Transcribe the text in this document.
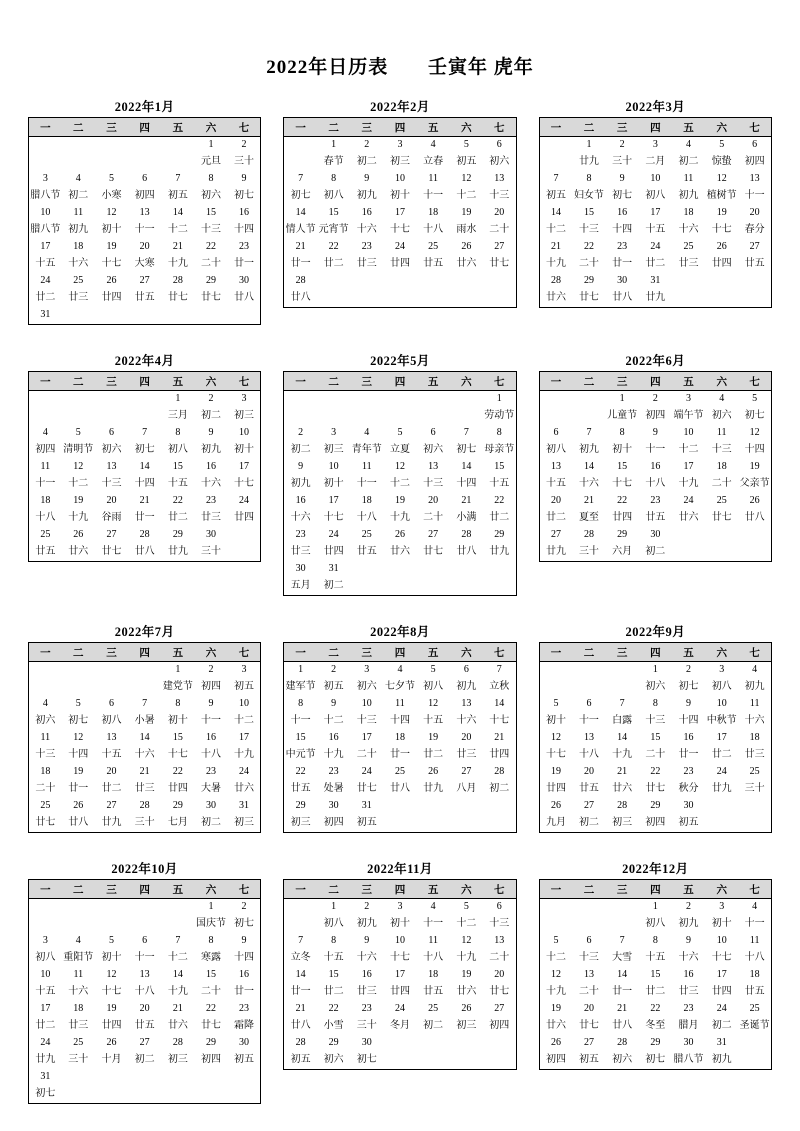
2022年日历表 壬寅年 虎年
2022年1月
一	二	三	四	五	六	七
					1	2
					元旦	三十
3	4	5	6	7	8	9
腊八节	初二	小寒	初四	初五	初六	初七
10	11	12	13	14	15	16
腊八节	初九	初十	十一	十二	十三	十四
17	18	19	20	21	22	23
十五	十六	十七	大寒	十九	二十	廿一
24	25	26	27	28	29	30
廿二	廿三	廿四	廿五	廿七	廿七	廿八
31						
2022年2月
一	二	三	四	五	六	七
	1	2	3	4	5	6
	春节	初二	初三	立春	初五	初六
7	8	9	10	11	12	13
初七	初八	初九	初十	十一	十二	十三
14	15	16	17	18	19	20
情人节	元宵节	十六	十七	十八	雨水	二十
21	22	23	24	25	26	27
廿一	廿二	廿三	廿四	廿五	廿六	廿七
28						
廿八						
2022年3月
一	二	三	四	五	六	七
	1	2	3	4	5	6
	廿九	三十	二月	初二	惊蛰	初四
7	8	9	10	11	12	13
初五	妇女节	初七	初八	初九	植树节	十一
14	15	16	17	18	19	20
十二	十三	十四	十五	十六	十七	春分
21	22	23	24	25	26	27
十九	二十	廿一	廿二	廿三	廿四	廿五
28	29	30	31			
廿六	廿七	廿八	廿九			
2022年4月
一	二	三	四	五	六	七
				1	2	3
				三月	初二	初三
4	5	6	7	8	9	10
初四	清明节	初六	初七	初八	初九	初十
11	12	13	14	15	16	17
十一	十二	十三	十四	十五	十六	十七
18	19	20	21	22	23	24
十八	十九	谷雨	廿一	廿二	廿三	廿四
25	26	27	28	29	30	
廿五	廿六	廿七	廿八	廿九	三十	
2022年5月
一	二	三	四	五	六	七
						1
						劳动节
2	3	4	5	6	7	8
初二	初三	青年节	立夏	初六	初七	母亲节
9	10	11	12	13	14	15
初九	初十	十一	十二	十三	十四	十五
16	17	18	19	20	21	22
十六	十七	十八	十九	二十	小满	廿二
23	24	25	26	27	28	29
廿三	廿四	廿五	廿六	廿七	廿八	廿九
30	31					
五月	初二					
2022年6月
一	二	三	四	五	六	七
		1	2	3	4	5
		儿童节	初四	端午节	初六	初七
6	7	8	9	10	11	12
初八	初九	初十	十一	十二	十三	十四
13	14	15	16	17	18	19
十五	十六	十七	十八	十九	二十	父亲节
20	21	22	23	24	25	26
廿二	夏至	廿四	廿五	廿六	廿七	廿八
27	28	29	30			
廿九	三十	六月	初二			
2022年7月
一	二	三	四	五	六	七
				1	2	3
				建党节	初四	初五
4	5	6	7	8	9	10
初六	初七	初八	小暑	初十	十一	十二
11	12	13	14	15	16	17
十三	十四	十五	十六	十七	十八	十九
18	19	20	21	22	23	24
二十	廿一	廿二	廿三	廿四	大暑	廿六
25	26	27	28	29	30	31
廿七	廿八	廿九	三十	七月	初二	初三
2022年8月
一	二	三	四	五	六	七
1	2	3	4	5	6	7
建军节	初五	初六	七夕节	初八	初九	立秋
8	9	10	11	12	13	14
十一	十二	十三	十四	十五	十六	十七
15	16	17	18	19	20	21
中元节	十九	二十	廿一	廿二	廿三	廿四
22	23	24	25	26	27	28
廿五	处暑	廿七	廿八	廿九	八月	初二
29	30	31				
初三	初四	初五				
2022年9月
一	二	三	四	五	六	七
			1	2	3	4
			初六	初七	初八	初九
5	6	7	8	9	10	11
初十	十一	白露	十三	十四	中秋节	十六
12	13	14	15	16	17	18
十七	十八	十九	二十	廿一	廿二	廿三
19	20	21	22	23	24	25
廿四	廿五	廿六	廿七	秋分	廿九	三十
26	27	28	29	30		
九月	初二	初三	初四	初五		
2022年10月
一	二	三	四	五	六	七
					1	2
					国庆节	初七
3	4	5	6	7	8	9
初八	重阳节	初十	十一	十二	寒露	十四
10	11	12	13	14	15	16
十五	十六	十七	十八	十九	二十	廿一
17	18	19	20	21	22	23
廿二	廿三	廿四	廿五	廿六	廿七	霜降
24	25	26	27	28	29	30
廿九	三十	十月	初二	初三	初四	初五
31						
初七						
2022年11月
一	二	三	四	五	六	七
	1	2	3	4	5	6
	初八	初九	初十	十一	十二	十三
7	8	9	10	11	12	13
立冬	十五	十六	十七	十八	十九	二十
14	15	16	17	18	19	20
廿一	廿二	廿三	廿四	廿五	廿六	廿七
21	22	23	24	25	26	27
廿八	小雪	三十	冬月	初二	初三	初四
28	29	30				
初五	初六	初七				
2022年12月
一	二	三	四	五	六	七
			1	2	3	4
			初八	初九	初十	十一
5	6	7	8	9	10	11
十二	十三	大雪	十五	十六	十七	十八
12	13	14	15	16	17	18
十九	二十	廿一	廿二	廿三	廿四	廿五
19	20	21	22	23	24	25
廿六	廿七	廿八	冬至	腊月	初二	圣诞节
26	27	28	29	30	31	
初四	初五	初六	初七	腊八节	初九	
